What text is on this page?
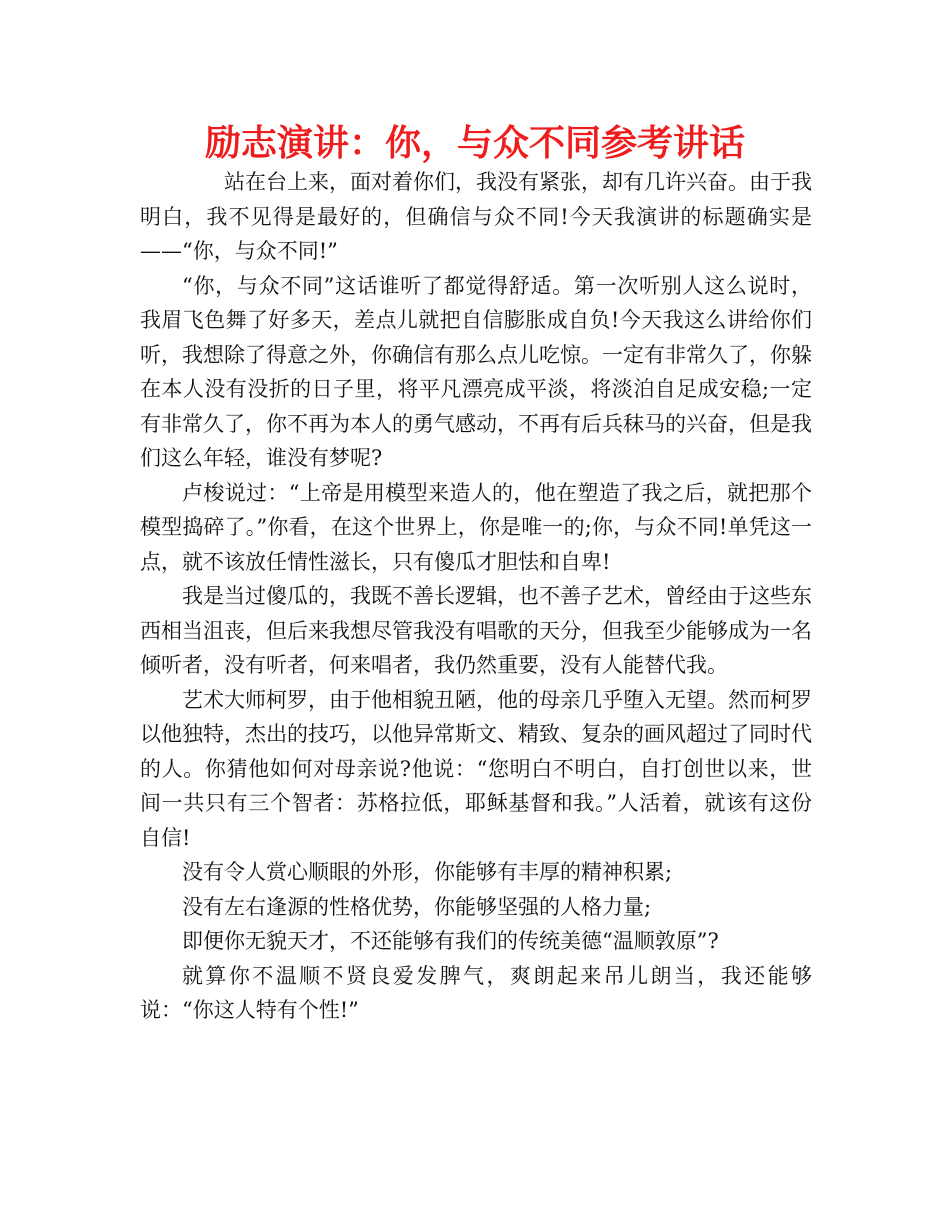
励志演讲：你，与众不同参考讲话

站在台上来，面对着你们，我没有紧张，却有几许兴奋。由于我明白，我不见得是最好的，但确信与众不同!今天我演讲的标题确实是——“你，与众不同!”

“你，与众不同”这话谁听了都觉得舒适。第一次听别人这么说时，我眉飞色舞了好多天，差点儿就把自信膨胀成自负!今天我这么讲给你们听，我想除了得意之外，你确信有那么点儿吃惊。一定有非常久了，你躲在本人没有没折的日子里，将平凡漂亮成平淡，将淡泊自足成安稳;一定有非常久了，你不再为本人的勇气感动，不再有后兵秣马的兴奋，但是我们这么年轻，谁没有梦呢?

卢梭说过：“上帝是用模型来造人的，他在塑造了我之后，就把那个模型捣碎了。”你看，在这个世界上，你是唯一的;你，与众不同!单凭这一点，就不该放任情性滋长，只有傻瓜才胆怯和自卑!

我是当过傻瓜的，我既不善长逻辑，也不善子艺术，曾经由于这些东西相当沮丧，但后来我想尽管我没有唱歌的天分，但我至少能够成为一名倾听者，没有听者，何来唱者，我仍然重要，没有人能替代我。

艺术大师柯罗，由于他相貌丑陋，他的母亲几乎堕入无望。然而柯罗以他独特，杰出的技巧，以他异常斯文、精致、复杂的画风超过了同时代的人。你猜他如何对母亲说?他说：“您明白不明白，自打创世以来，世间一共只有三个智者：苏格拉低，耶稣基督和我。”人活着，就该有这份自信!

没有令人赏心顺眼的外形，你能够有丰厚的精神积累;

没有左右逢源的性格优势，你能够坚强的人格力量;

即便你无貌天才，不还能够有我们的传统美德“温顺敦原”?

就算你不温顺不贤良爱发脾气，爽朗起来吊儿朗当，我还能够说：“你这人特有个性!”
